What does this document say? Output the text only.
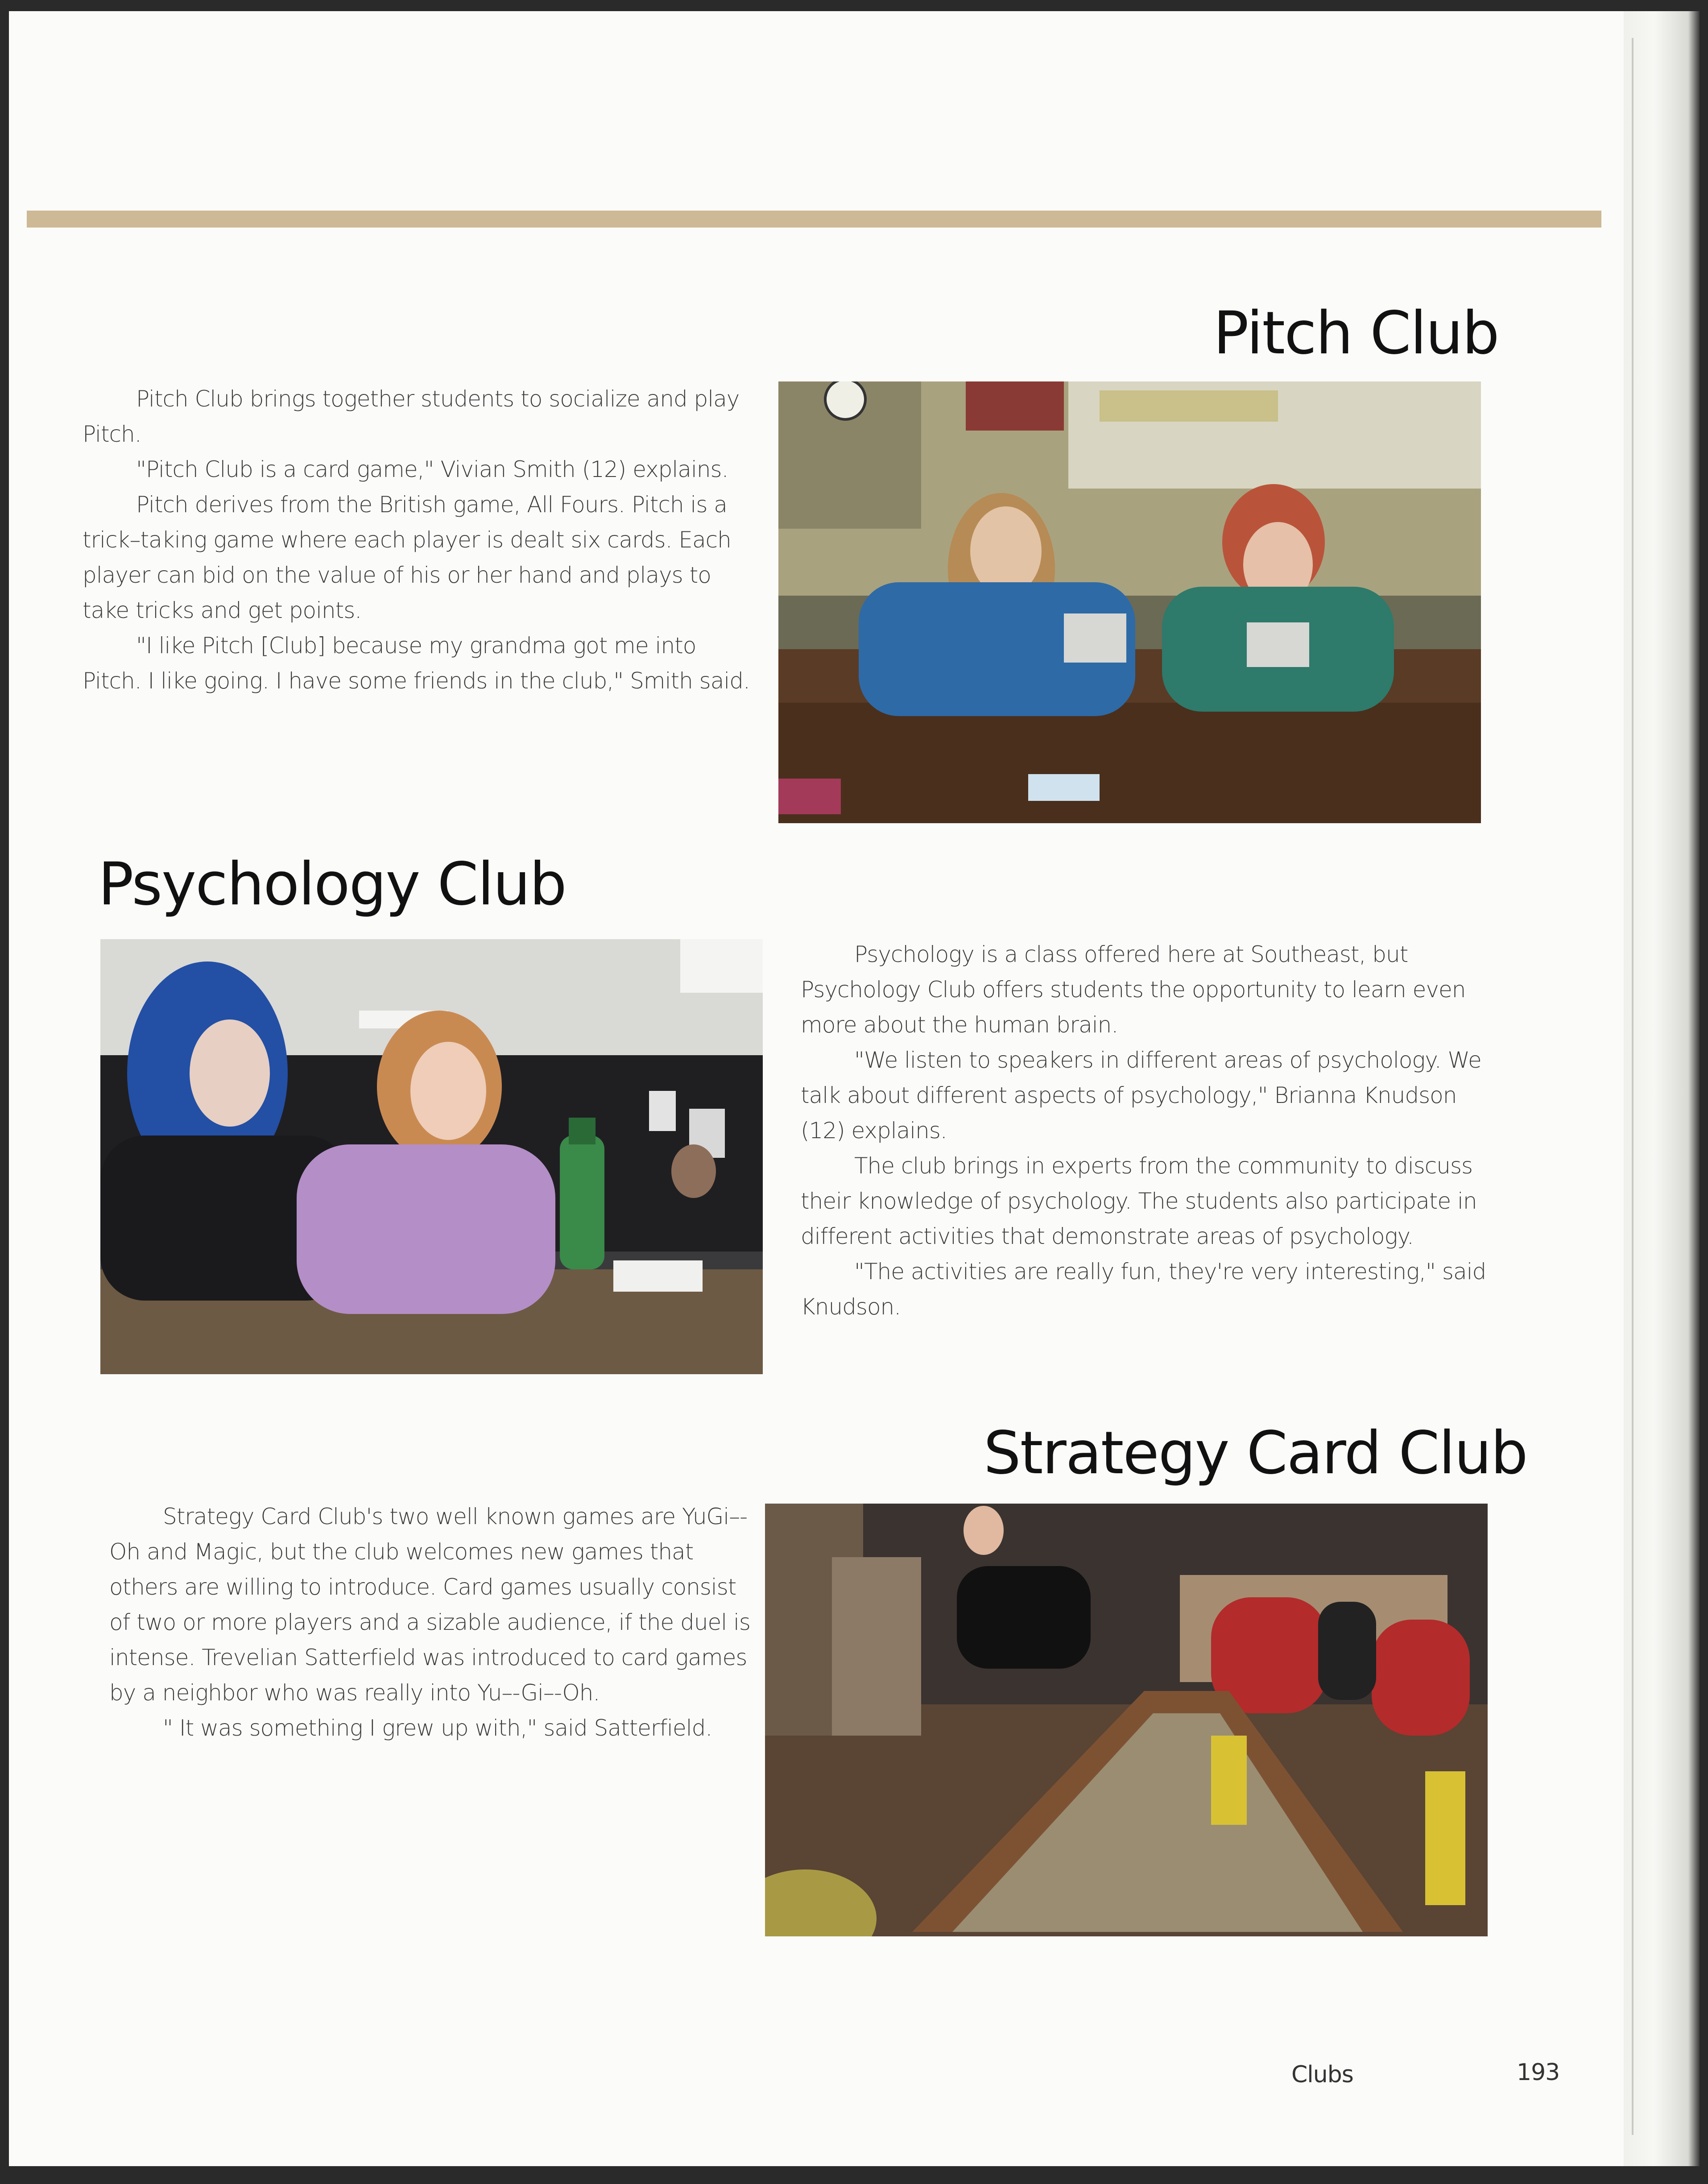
Pitch Club

Pitch Club brings together students to socialize and play Pitch.

"Pitch Club is a card game," Vivian Smith (12) explains.

Pitch derives from the British game, All Fours. Pitch is a trick–taking game where each player is dealt six cards. Each player can bid on the value of his or her hand and plays to take tricks and get points.

"I like Pitch [Club] because my grandma got me into Pitch. I like going. I have some friends in the club," Smith said.

Psychology Club

Psychology is a class offered here at Southeast, but Psychology Club offers students the opportunity to learn even more about the human brain.

"We listen to speakers in different areas of psychology. We talk about different aspects of psychology," Brianna Knudson (12) explains.

The club brings in experts from the community to discuss their knowledge of psychology. The students also participate in different activities that demonstrate areas of psychology.

"The activities are really fun, they're very interesting," said Knudson.

Strategy Card Club

Strategy Card Club's two well known games are YuGi–-Oh and Magic, but the club welcomes new games that others are willing to introduce. Card games usually consist of two or more players and a sizable audience, if the duel is intense. Trevelian Satterfield was introduced to card games by a neighbor who was really into Yu–-Gi–-Oh.

" It was something I grew up with," said Satterfield.

Clubs	193
